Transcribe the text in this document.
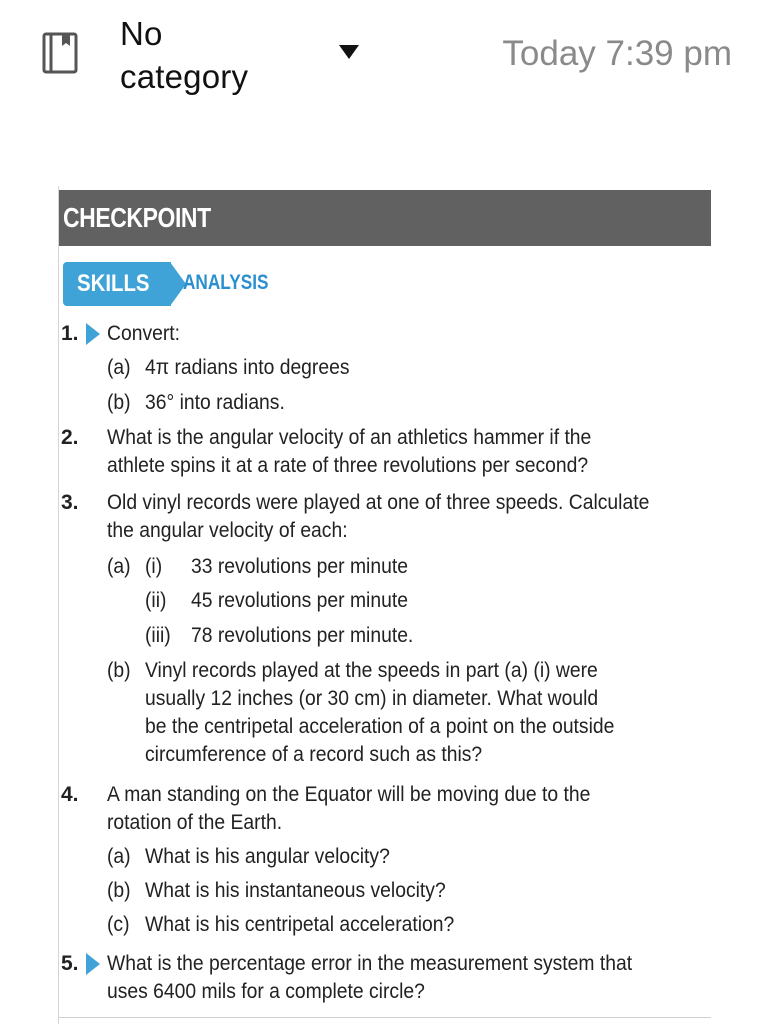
No
category
Today 7:39 pm
CHECKPOINT
SKILLS ANALYSIS
1. Convert:
(a) 4π radians into degrees
(b) 36° into radians.
2. What is the angular velocity of an athletics hammer if the
athlete spins it at a rate of three revolutions per second?
3. Old vinyl records were played at one of three speeds. Calculate
the angular velocity of each:
(a) (i) 33 revolutions per minute
(ii) 45 revolutions per minute
(iii) 78 revolutions per minute.
(b) Vinyl records played at the speeds in part (a) (i) were
usually 12 inches (or 30 cm) in diameter. What would
be the centripetal acceleration of a point on the outside
circumference of a record such as this?
4. A man standing on the Equator will be moving due to the
rotation of the Earth.
(a) What is his angular velocity?
(b) What is his instantaneous velocity?
(c) What is his centripetal acceleration?
5. What is the percentage error in the measurement system that
uses 6400 mils for a complete circle?
